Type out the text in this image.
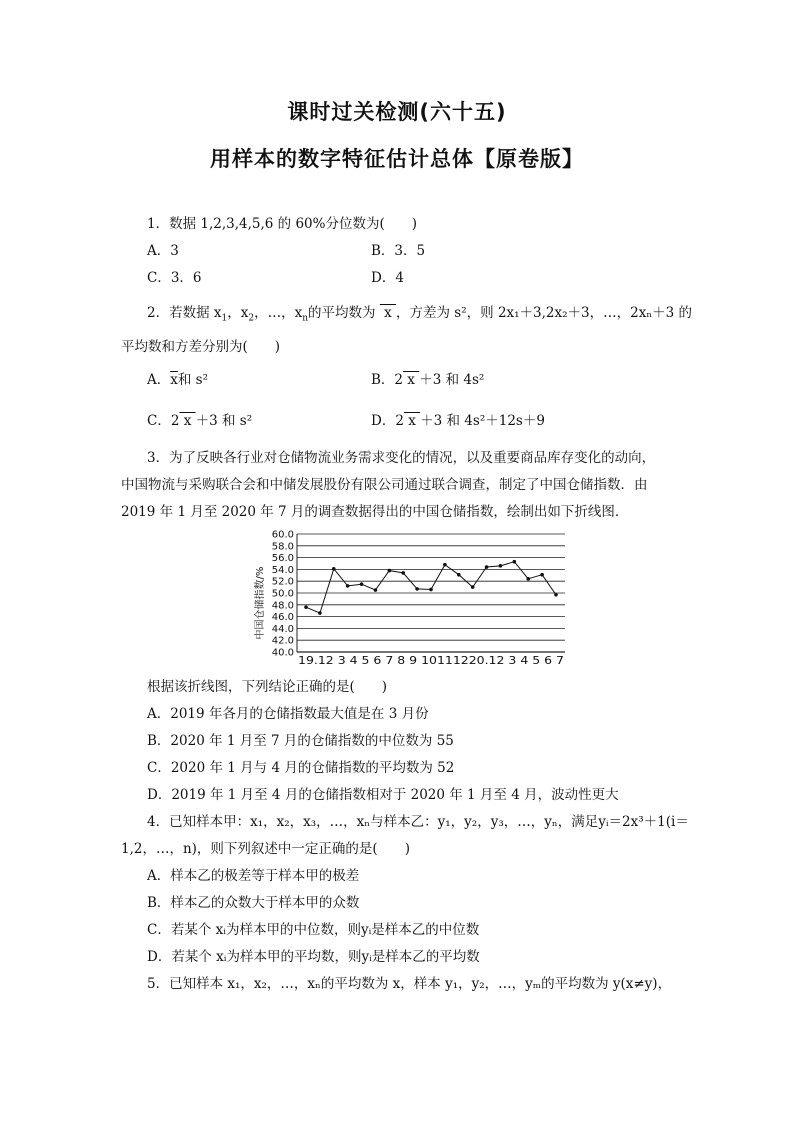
课时过关检测(六十五)
用样本的数字特征估计总体【原卷版】
1．数据 1,2,3,4,5,6 的 60%分位数为(　　)
A．3	B．3．5
C．3．6	D．4
2．若数据 $x_1$，$x_2$，…，$x_n$的平均数为  x ，方差为 s²，则 2x₁＋3,2x₂＋3，…，2xₙ＋3 的
平均数和方差分别为(　　)
A．$\overline{x}$和 s²	B．2 x ＋3 和 4s²
C．2 x ＋3 和 s²	D．2 x ＋3 和 4s²＋12s＋9
3．为了反映各行业对仓储物流业务需求变化的情况，以及重要商品库存变化的动向，
中国物流与采购联合会和中储发展股份有限公司通过联合调查，制定了中国仓储指数．由
2019 年 1 月至 2020 年 7 月的调查数据得出的中国仓储指数，绘制出如下折线图．
40.0
42.0
44.0
46.0
48.0
50.0
52.0
54.0
56.0
58.0
60.0
中国仓储指数/%
19.12 3 4 5 6 7 8 9 10111220.12 3 4 5 6 7
根据该折线图，下列结论正确的是(　　)
A．2019 年各月的仓储指数最大值是在 3 月份
B．2020 年 1 月至 7 月的仓储指数的中位数为 55
C．2020 年 1 月与 4 月的仓储指数的平均数为 52
D．2019 年 1 月至 4 月的仓储指数相对于 2020 年 1 月至 4 月，波动性更大
4．已知样本甲：x₁，x₂，x₃，…，xₙ与样本乙：y₁，y₂，y₃，…，yₙ，满足yᵢ＝2x³＋1(i＝
1,2，…，n)，则下列叙述中一定正确的是(　　)
A．样本乙的极差等于样本甲的极差
B．样本乙的众数大于样本甲的众数
C．若某个 xᵢ为样本甲的中位数，则yᵢ是样本乙的中位数
D．若某个 xᵢ为样本甲的平均数，则yᵢ是样本乙的平均数
5．已知样本 x₁，x₂，…，xₙ的平均数为 x，样本 y₁，y₂，…，yₘ的平均数为 y(x≠y)，
